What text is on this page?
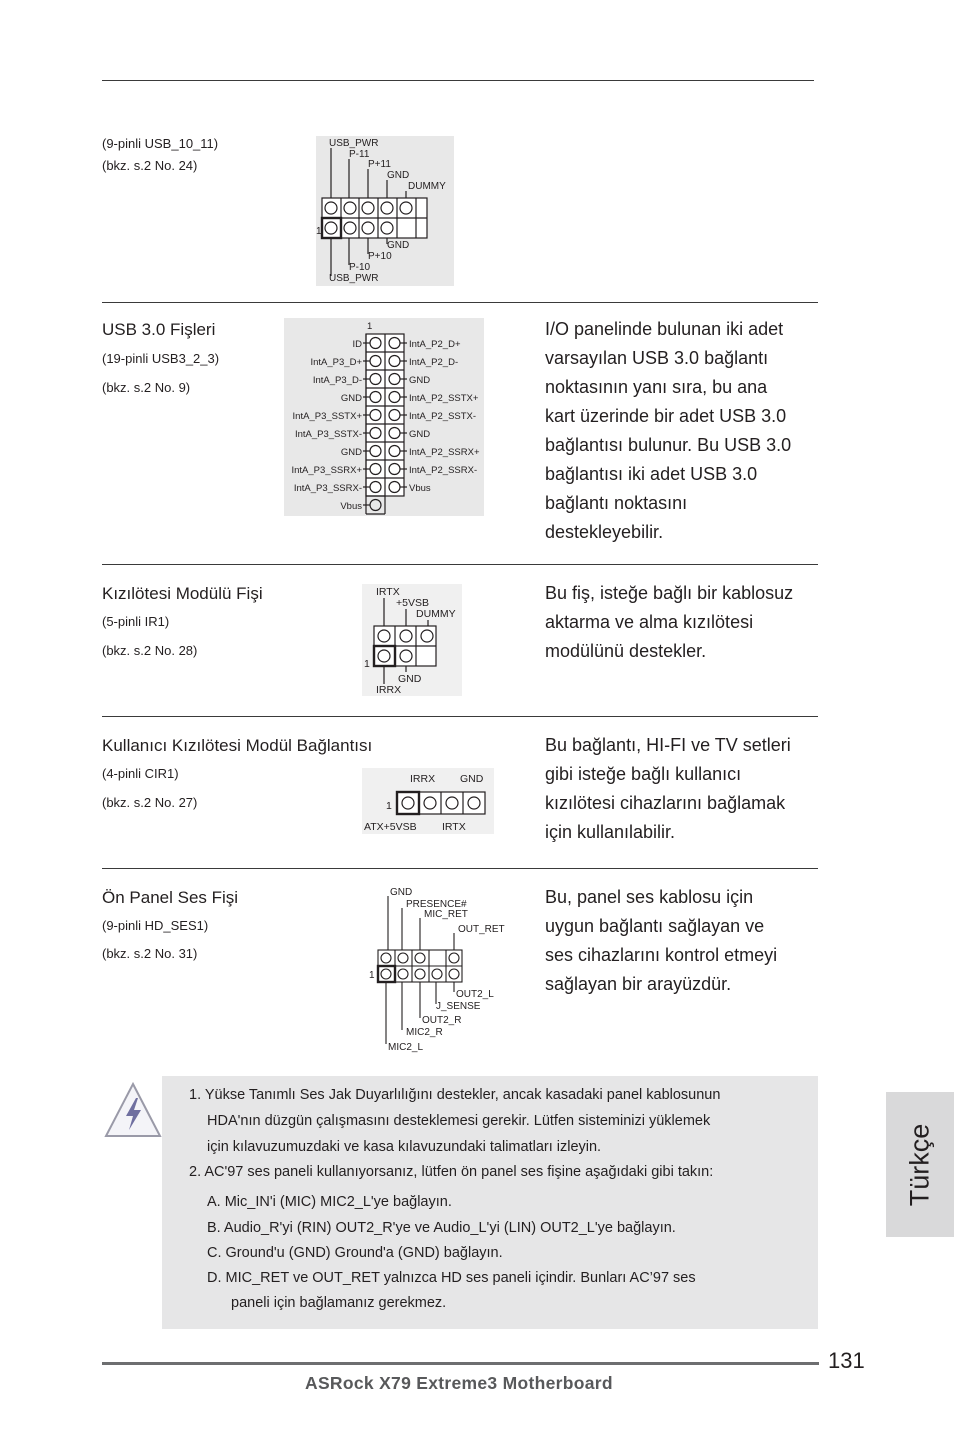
(9-pinli USB_10_11)
(bkz. s.2 No. 24)
USB_PWR
P-11
P+11
GND
DUMMY
GND
P+10
P-10
USB_PWR
1
USB 3.0 Fişleri
(19-pinli USB3_2_3)
(bkz. s.2 No. 9)
1
ID
IntA_P3_D+
IntA_P3_D-
GND
IntA_P3_SSTX+
IntA_P3_SSTX-
GND
IntA_P3_SSRX+
IntA_P3_SSRX-
Vbus
IntA_P2_D+
IntA_P2_D-
GND
IntA_P2_SSTX+
IntA_P2_SSTX-
GND
IntA_P2_SSRX+
IntA_P2_SSRX-
Vbus
I/O panelinde bulunan iki adet
varsayılan USB 3.0 bağlantı
noktasının yanı sıra, bu ana
kart üzerinde bir adet USB 3.0
bağlantısı bulunur. Bu USB 3.0
bağlantısı iki adet USB 3.0
bağlantı noktasını
destekleyebilir.
Kızılötesi Modülü Fişi
(5-pinli IR1)
(bkz. s.2 No. 28)
IRTX
+5VSB
DUMMY
GND
IRRX
1
Bu fiş, isteğe bağlı bir kablosuz
aktarma ve alma kızılötesi
modülünü destekler.
Kullanıcı Kızılötesi Modül Bağlantısı
(4-pinli CIR1)
(bkz. s.2 No. 27)
IRRX GND
ATX+5VSB IRTX
1
Bu bağlantı, HI-FI ve TV setleri
gibi isteğe bağlı kullanıcı
kızılötesi cihazlarını bağlamak
için kullanılabilir.
Ön Panel Ses Fişi
(9-pinli HD_SES1)
(bkz. s.2 No. 31)
GND
PRESENCE#
MIC_RET
OUT_RET
OUT2_L
J_SENSE
OUT2_R
MIC2_R
MIC2_L
1
Bu, panel ses kablosu için
uygun bağlantı sağlayan ve
ses cihazlarını kontrol etmeyi
sağlayan bir arayüzdür.
1. Yükse Tanımlı Ses Jak Duyarlılığını destekler, ancak kasadaki panel kablosunun
HDA'nın düzgün çalışmasını desteklemesi gerekir. Lütfen sisteminizi yüklemek
için kılavuzumuzdaki ve kasa kılavuzundaki talimatları izleyin.
2. AC'97 ses paneli kullanıyorsanız, lütfen ön panel ses fişine aşağıdaki gibi takın:
A. Mic_IN'i (MIC) MIC2_L'ye bağlayın.
B. Audio_R'yi (RIN) OUT2_R'ye ve Audio_L'yi (LIN) OUT2_L'ye bağlayın.
C. Ground'u (GND) Ground'a (GND) bağlayın.
D. MIC_RET ve OUT_RET yalnızca HD ses paneli içindir. Bunları AC’97 ses
paneli için bağlamanız gerekmez.
Türkçe
131
ASRock X79 Extreme3 Motherboard
